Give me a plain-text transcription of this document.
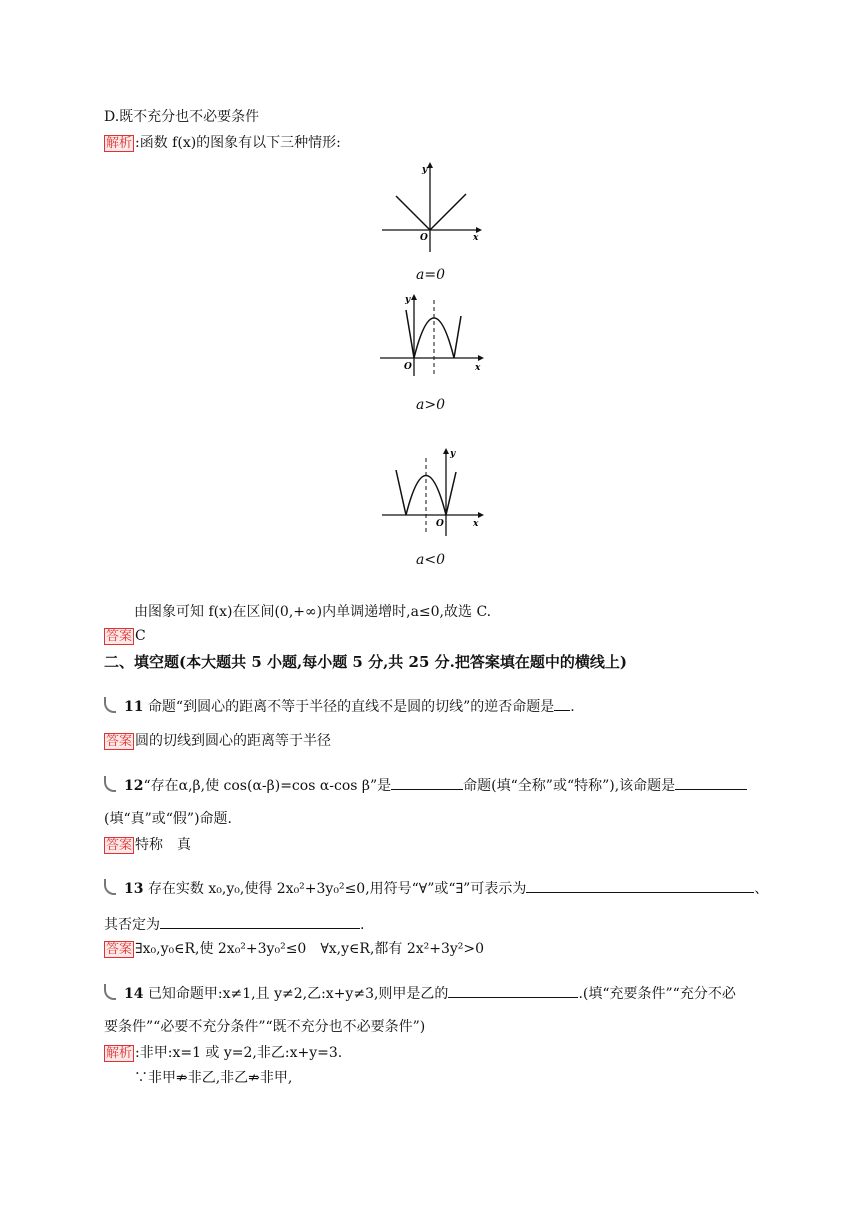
D.既不充分也不必要条件
解析 :函数 f(x)的图象有以下三种情形:
x
y
O
a=0
x
y
O
a>0
x
y
O
a<0
由图象可知 f(x)在区间(0,+∞)内单调递增时,a≤0,故选 C.
答案 C
二、填空题(本大题共 5 小题,每小题 5 分,共 25 分.把答案填在题中的横线上)
11 命题“到圆心的距离不等于半径的直线不是圆的切线”的逆否命题是 .
答案 圆的切线到圆心的距离等于半径
12“存在α,β,使 cos(α-β)=cos α-cos β”是	命题(填“全称”或“特称”),该命题是
(填“真”或“假”)命题.
答案 特称　真
13 存在实数 x₀,y₀,使得 2x₀²+3y₀²≤0,用符号“∀”或“∃”可表示为	、
其否定为	.
答案 ∃x₀,y₀∈R,使 2x₀²+3y₀²≤0　∀x,y∈R,都有 2x²+3y²>0
14 已知命题甲:x≠1,且 y≠2,乙:x+y≠3,则甲是乙的	.(填“充要条件”“充分不必
要条件”“必要不充分条件”“既不充分也不必要条件”)
解析 :非甲:x=1 或 y=2,非乙:x+y=3.
∵非甲⇏非乙,非乙⇏非甲,
